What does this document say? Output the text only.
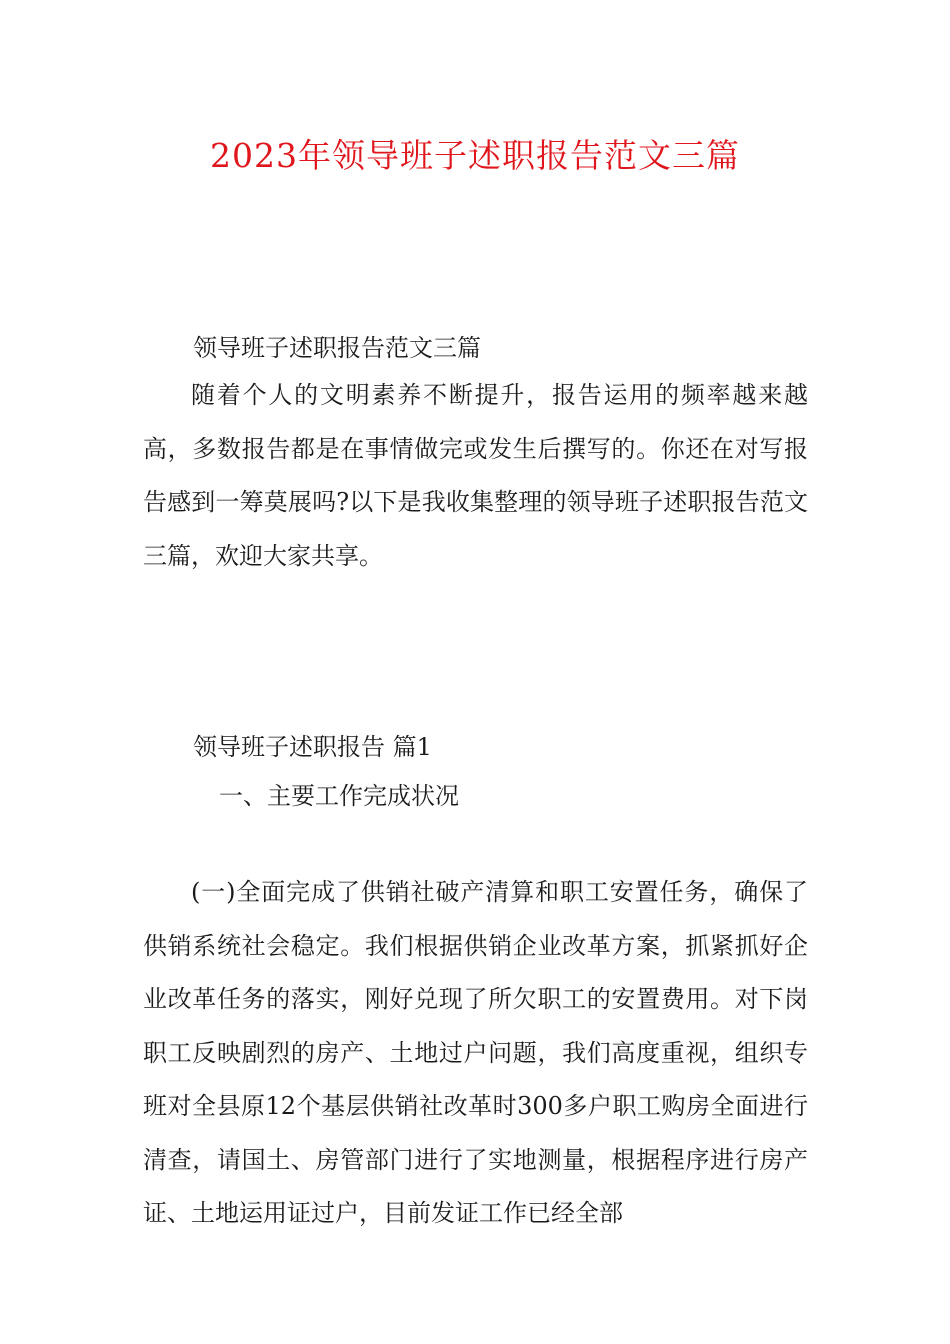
2023年领导班子述职报告范文三篇
领导班子述职报告范文三篇

随着个人的文明素养不断提升，报告运用的频率越来越高，多数报告都是在事情做完或发生后撰写的。你还在对写报告感到一筹莫展吗?以下是我收集整理的领导班子述职报告范文三篇，欢迎大家共享。

领导班子述职报告 篇1
一、主要工作完成状况

(一)全面完成了供销社破产清算和职工安置任务，确保了供销系统社会稳定。我们根据供销企业改革方案，抓紧抓好企业改革任务的落实，刚好兑现了所欠职工的安置费用。对下岗职工反映剧烈的房产、土地过户问题，我们高度重视，组织专班对全县原12个基层供销社改革时300多户职工购房全面进行清查，请国土、房管部门进行了实地测量，根据程序进行房产证、土地运用证过户，目前发证工作已经全部
